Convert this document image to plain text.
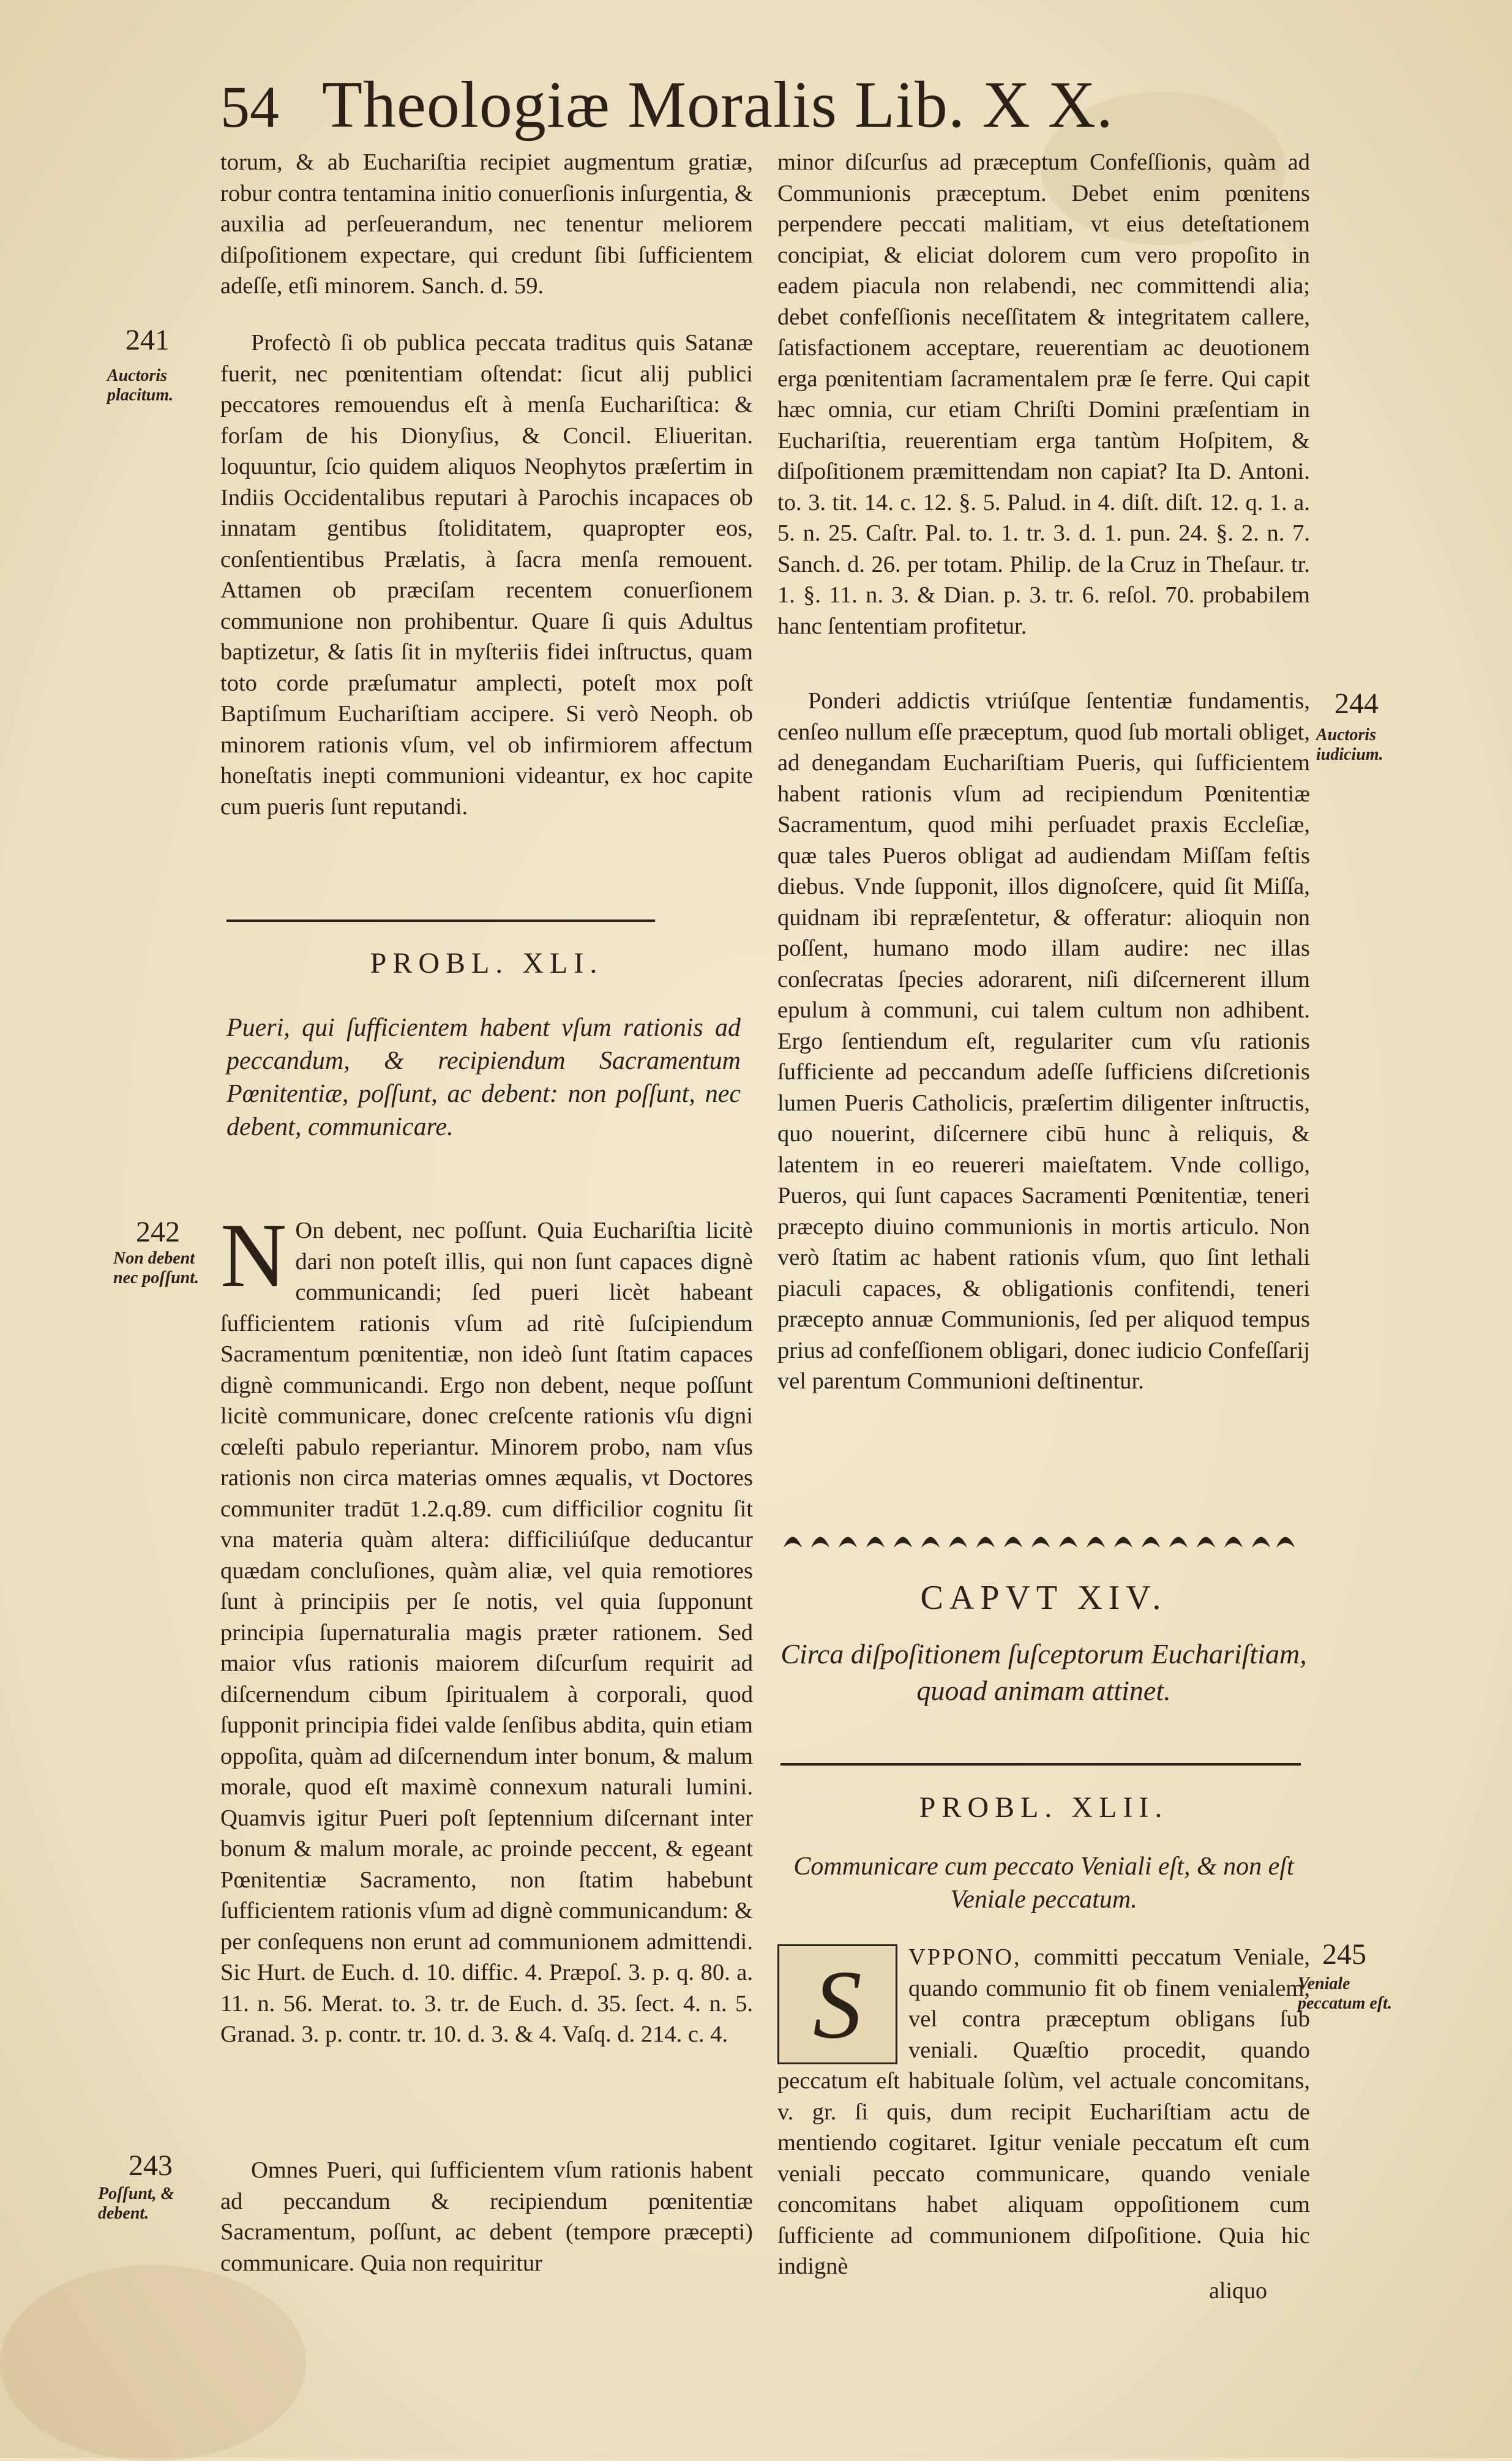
54 Theologiæ Moralis Lib. X X.

torum, & ab Euchariſtia recipiet augmentum gratiæ, robur contra tentamina initio conuerſionis inſurgentia, & auxilia ad perſeuerandum, nec tenentur meliorem diſpoſitionem expectare, qui credunt ſibi ſufficientem adeſſe, etſi minorem. Sanch. d. 59.

Profectò ſi ob publica peccata traditus quis Satanæ fuerit, nec pœnitentiam oſtendat: ſicut alij publici peccatores remouendus eſt à menſa Euchariſtica: & forſam de his Dionyſius, & Concil. Eliueritan. loquuntur, ſcio quidem aliquos Neophytos præſertim in Indiis Occidentalibus reputari à Parochis incapaces ob innatam gentibus ſtoliditatem, quapropter eos, conſentientibus Prælatis, à ſacra menſa remouent. Attamen ob præciſam recentem conuerſionem communione non prohibentur. Quare ſi quis Adultus baptizetur, & ſatis ſit in myſteriis fidei inſtructus, quam toto corde præſumatur amplecti, poteſt mox poſt Baptiſmum Euchariſtiam accipere. Si verò Neoph. ob minorem rationis vſum, vel ob infirmiorem affectum honeſtatis inepti communioni videantur, ex hoc capite cum pueris ſunt reputandi.

241
Auctoris placitum.
PROBL. XLI.
Pueri, qui ſufficientem habent vſum rationis ad peccandum, & recipiendum Sacramentum Pœnitentiæ, poſſunt, ac debent: non poſſunt, nec debent, communicare.
242
Non debent nec poſſunt. N On debent, nec poſſunt. Quia Euchariſtia licitè dari non poteſt illis, qui non ſunt capaces dignè communicandi; ſed pueri licèt habeant ſufficientem rationis vſum ad ritè ſuſcipiendum Sacramentum pœnitentiæ, non ideò ſunt ſtatim capaces dignè communicandi. Ergo non debent, neque poſſunt licitè communicare, donec creſcente rationis vſu digni cœleſti pabulo reperiantur. Minorem probo, nam vſus rationis non circa materias omnes æqualis, vt Doctores communiter tradūt 1.2.q.89. cum difficilior cognitu ſit vna materia quàm altera: difficiliúſque deducantur quædam concluſiones, quàm aliæ, vel quia remotiores ſunt à principiis per ſe notis, vel quia ſupponunt principia ſupernaturalia magis præter rationem. Sed maior vſus rationis maiorem diſcurſum requirit ad diſcernendum cibum ſpiritualem à corporali, quod ſupponit principia fidei valde ſenſibus abdita, quin etiam oppoſita, quàm ad diſcernendum inter bonum, & malum morale, quod eſt maximè connexum naturali lumini. Quamvis igitur Pueri poſt ſeptennium diſcernant inter bonum & malum morale, ac proinde peccent, & egeant Pœnitentiæ Sacramento, non ſtatim habebunt ſufficientem rationis vſum ad dignè communicandum: & per conſequens non erunt ad communionem admittendi. Sic Hurt. de Euch. d. 10. diffic. 4. Præpoſ. 3. p. q. 80. a. 11. n. 56. Merat. to. 3. tr. de Euch. d. 35. ſect. 4. n. 5. Granad. 3. p. contr. tr. 10. d. 3. & 4. Vaſq. d. 214. c. 4.

243
Poſſunt, & debent.

Omnes Pueri, qui ſufficientem vſum rationis habent ad peccandum & recipiendum pœnitentiæ Sacramentum, poſſunt, ac debent (tempore præcepti) communicare. Quia non requiritur

minor diſcurſus ad præceptum Confeſſionis, quàm ad Communionis præceptum. Debet enim pœnitens perpendere peccati malitiam, vt eius deteſtationem concipiat, & eliciat dolorem cum vero propoſito in eadem piacula non relabendi, nec committendi alia; debet confeſſionis neceſſitatem & integritatem callere, ſatisfactionem acceptare, reuerentiam ac deuotionem erga pœnitentiam ſacramentalem præ ſe ferre. Qui capit hæc omnia, cur etiam Chriſti Domini præſentiam in Euchariſtia, reuerentiam erga tantùm Hoſpitem, & diſpoſitionem præmittendam non capiat? Ita D. Antoni. to. 3. tit. 14. c. 12. §. 5. Palud. in 4. diſt. diſt. 12. q. 1. a. 5. n. 25. Caſtr. Pal. to. 1. tr. 3. d. 1. pun. 24. §. 2. n. 7. Sanch. d. 26. per totam. Philip. de la Cruz in Theſaur. tr. 1. §. 11. n. 3. & Dian. p. 3. tr. 6. reſol. 70. probabilem hanc ſententiam profitetur.

Ponderi addictis vtriúſque ſententiæ fundamentis, cenſeo nullum eſſe præceptum, quod ſub mortali obliget, ad denegandam Euchariſtiam Pueris, qui ſufficientem habent rationis vſum ad recipiendum Pœnitentiæ Sacramentum, quod mihi perſuadet praxis Eccleſiæ, quæ tales Pueros obligat ad audiendam Miſſam feſtis diebus. Vnde ſupponit, illos dignoſcere, quid ſit Miſſa, quidnam ibi repræſentetur, & offeratur: alioquin non poſſent, humano modo illam audire: nec illas conſecratas ſpecies adorarent, niſi diſcernerent illum epulum à communi, cui talem cultum non adhibent. Ergo ſentiendum eſt, regulariter cum vſu rationis ſufficiente ad peccandum adeſſe ſufficiens diſcretionis lumen Pueris Catholicis, præſertim diligenter inſtructis, quo nouerint, diſcernere cibū hunc à reliquis, & latentem in eo reuereri maieſtatem. Vnde colligo, Pueros, qui ſunt capaces Sacramenti Pœnitentiæ, teneri præcepto diuino communionis in mortis articulo. Non verò ſtatim ac habent rationis vſum, quo ſint lethali piaculi capaces, & obligationis confitendi, teneri præcepto annuæ Communionis, ſed per aliquod tempus prius ad confeſſionem obligari, donec iudicio Confeſſarij vel parentum Communioni deſtinentur.

244
Auctoris iudicium.
CAPVT XIV.
Circa diſpoſitionem ſuſceptorum Euchariſtiam, quoad animam attinet.
PROBL. XLII.
Communicare cum peccato Veniali eſt, & non eſt Veniale peccatum.
245
Veniale peccatum eſt.

S	VPPONO, committi peccatum Veniale, quando communio fit ob finem venialem, vel contra præceptum obligans ſub veniali. Quæſtio procedit, quando peccatum eſt habituale ſolùm, vel actuale concomitans, v. gr. ſi quis, dum recipit Euchariſtiam actu de mentiendo cogitaret. Igitur veniale peccatum eſt cum veniali peccato communicare, quando veniale concomitans habet aliquam oppoſitionem cum ſufficiente ad communionem diſpoſitione. Quia hic indignè

aliquo
